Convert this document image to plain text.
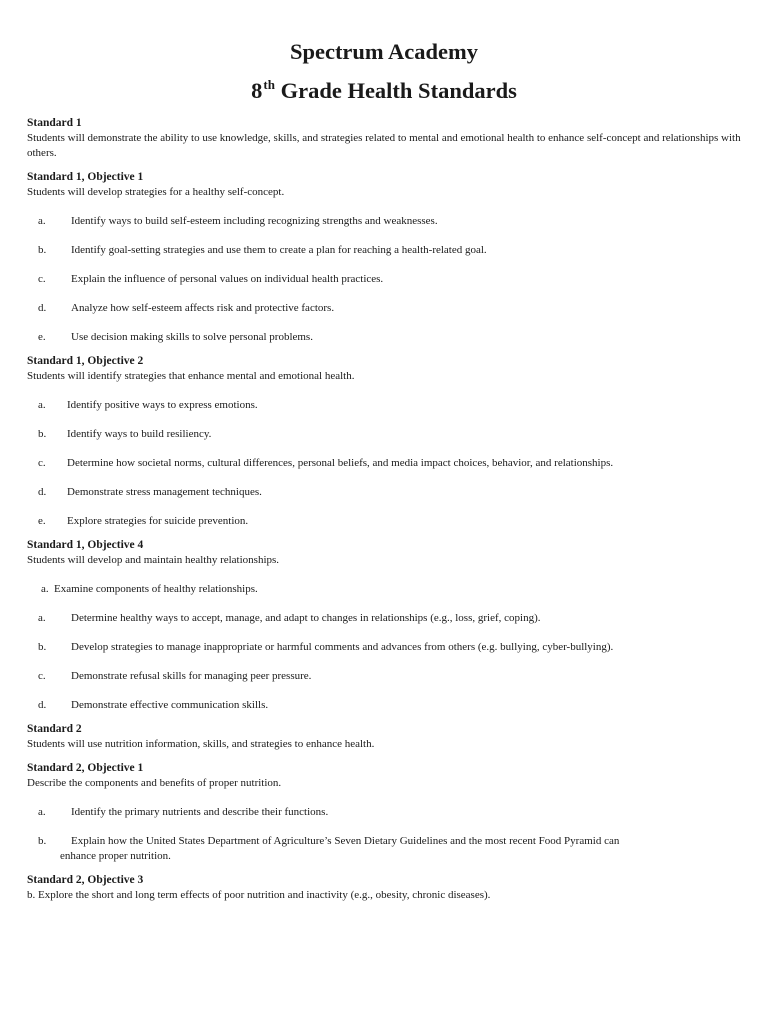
Spectrum Academy
8th Grade Health Standards
Standard 1
Students will demonstrate the ability to use knowledge, skills, and strategies related to mental and emotional health to enhance self-concept and relationships with others.
Standard 1, Objective 1
Students will develop strategies for a healthy self-concept.
a. Identify ways to build self-esteem including recognizing strengths and weaknesses.
b. Identify goal-setting strategies and use them to create a plan for reaching a health-related goal.
c. Explain the influence of personal values on individual health practices.
d. Analyze how self-esteem affects risk and protective factors.
e. Use decision making skills to solve personal problems.
Standard 1, Objective 2
Students will identify strategies that enhance mental and emotional health.
a. Identify positive ways to express emotions.
b. Identify ways to build resiliency.
c. Determine how societal norms, cultural differences, personal beliefs, and media impact choices, behavior, and relationships.
d. Demonstrate stress management techniques.
e. Explore strategies for suicide prevention.
Standard 1, Objective 4
Students will develop and maintain healthy relationships.
a. Examine components of healthy relationships.
a. Determine healthy ways to accept, manage, and adapt to changes in relationships (e.g., loss, grief, coping).
b. Develop strategies to manage inappropriate or harmful comments and advances from others (e.g. bullying, cyber-bullying).
c. Demonstrate refusal skills for managing peer pressure.
d. Demonstrate effective communication skills.
Standard 2
Students will use nutrition information, skills, and strategies to enhance health.
Standard 2, Objective 1
Describe the components and benefits of proper nutrition.
a. Identify the primary nutrients and describe their functions.
b. Explain how the United States Department of Agriculture’s Seven Dietary Guidelines and the most recent Food Pyramid can
enhance proper nutrition.
Standard 2, Objective 3
b. Explore the short and long term effects of poor nutrition and inactivity (e.g., obesity, chronic diseases).
